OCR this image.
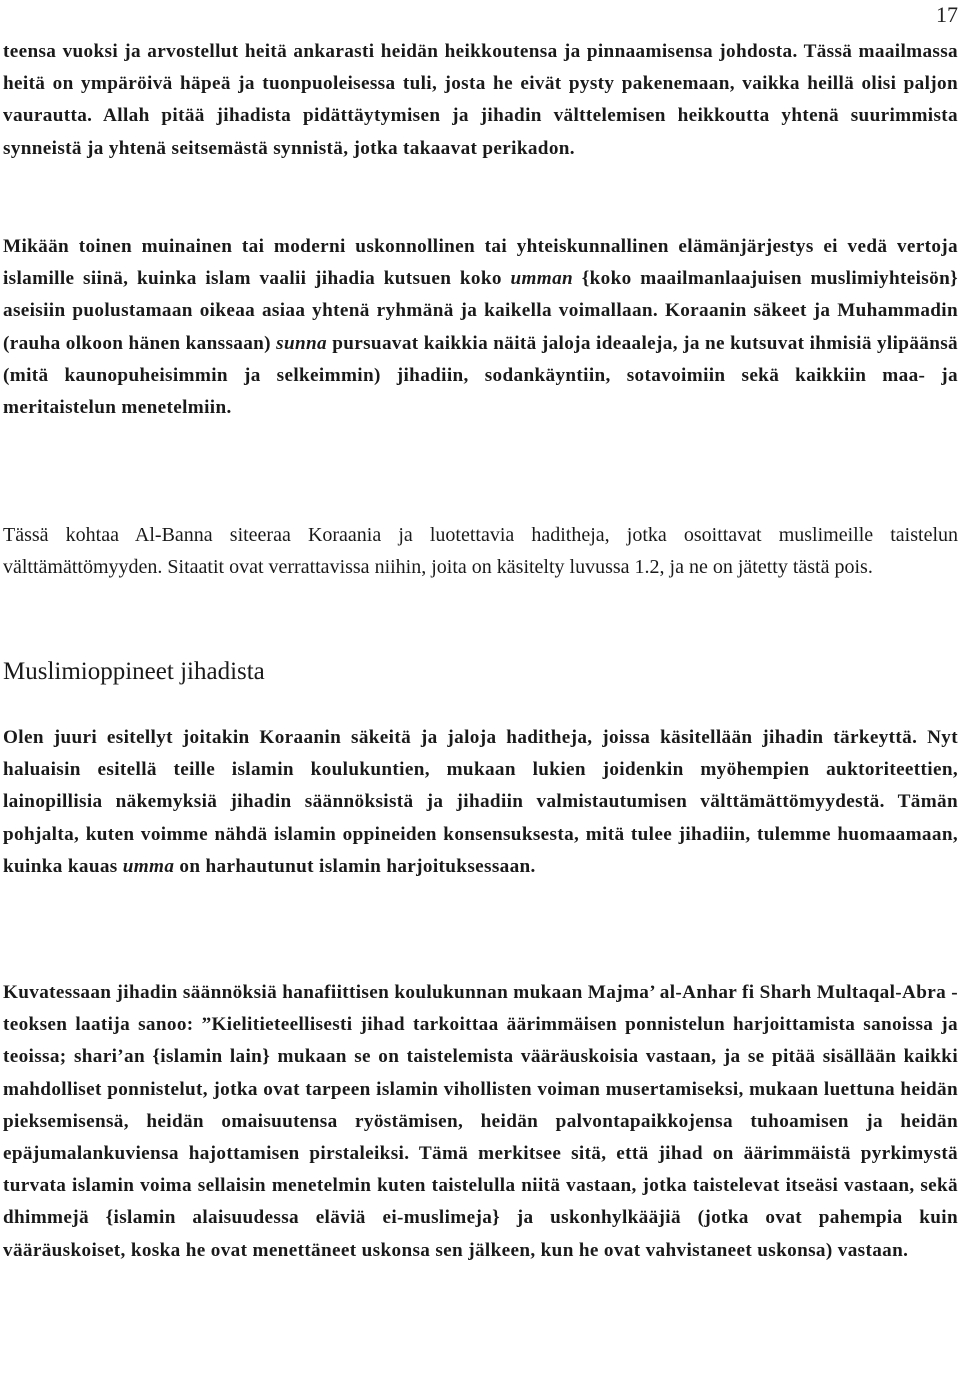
17

teensa vuoksi ja arvostellut heitä ankarasti heidän heikkoutensa ja pinnaamisensa johdosta. Tässä maailmassa heitä on ympäröivä häpeä ja tuonpuoleisessa tuli, josta he eivät pysty pakenemaan, vaikka heillä olisi paljon vaurautta. Allah pitää jihadista pidättäytymisen ja jihadin välttelemisen heikkoutta yhtenä suurimmista synneistä ja yhtenä seitsemästä synnistä, jotka takaavat perikadon.

Mikään toinen muinainen tai moderni uskonnollinen tai yhteiskunnallinen elämänjärjestys ei vedä vertoja islamille siinä, kuinka islam vaalii jihadia kutsuen koko umman {koko maailmanlaajuisen muslimiyhteisön} aseisiin puolustamaan oikeaa asiaa yhtenä ryhmänä ja kaikella voimallaan. Koraanin säkeet ja Muhammadin (rauha olkoon hänen kanssaan) sunna pursuavat kaikkia näitä jaloja ideaaleja, ja ne kutsuvat ihmisiä ylipäänsä (mitä kaunopuheisimmin ja selkeimmin) jihadiin, sodankäyntiin, sotavoimiin sekä kaikkiin maa- ja meritaistelun menetelmiin.

Tässä kohtaa Al-Banna siteeraa Koraania ja luotettavia haditheja, jotka osoittavat muslimeille taistelun välttämättömyyden. Sitaatit ovat verrattavissa niihin, joita on käsitelty luvussa 1.2, ja ne on jätetty tästä pois.

Muslimioppineet jihadista

Olen juuri esitellyt joitakin Koraanin säkeitä ja jaloja haditheja, joissa käsitellään jihadin tärkeyttä. Nyt haluaisin esitellä teille islamin koulukuntien, mukaan lukien joidenkin myöhempien auktoriteettien, lainopillisia näkemyksiä jihadin säännöksistä ja jihadiin valmistautumisen välttämättömyydestä. Tämän pohjalta, kuten voimme nähdä islamin oppineiden konsensuksesta, mitä tulee jihadiin, tulemme huomaamaan, kuinka kauas umma on harhautunut islamin harjoituksessaan.

Kuvatessaan jihadin säännöksiä hanafiittisen koulukunnan mukaan Majma’ al-Anhar fi Sharh Multaqal-Abra -teoksen laatija sanoo: ”Kielitieteellisesti jihad tarkoittaa äärimmäisen ponnistelun harjoittamista sanoissa ja teoissa; shari’an {islamin lain} mukaan se on taistelemista vääräuskoisia vastaan, ja se pitää sisällään kaikki mahdolliset ponnistelut, jotka ovat tarpeen islamin vihollisten voiman musertamiseksi, mukaan luettuna heidän pieksemisensä, heidän omaisuutensa ryöstämisen, heidän palvontapaikkojensa tuhoamisen ja heidän epäjumalankuviensa hajottamisen pirstaleiksi. Tämä merkitsee sitä, että jihad on äärimmäistä pyrkimystä turvata islamin voima sellaisin menetelmin kuten taistelulla niitä vastaan, jotka taistelevat itseäsi vastaan, sekä dhimmejä {islamin alaisuudessa eläviä ei-muslimeja} ja uskonhylkääjiä (jotka ovat pahempia kuin vääräuskoiset, koska he ovat menettäneet uskonsa sen jälkeen, kun he ovat vahvistaneet uskonsa) vastaan.
